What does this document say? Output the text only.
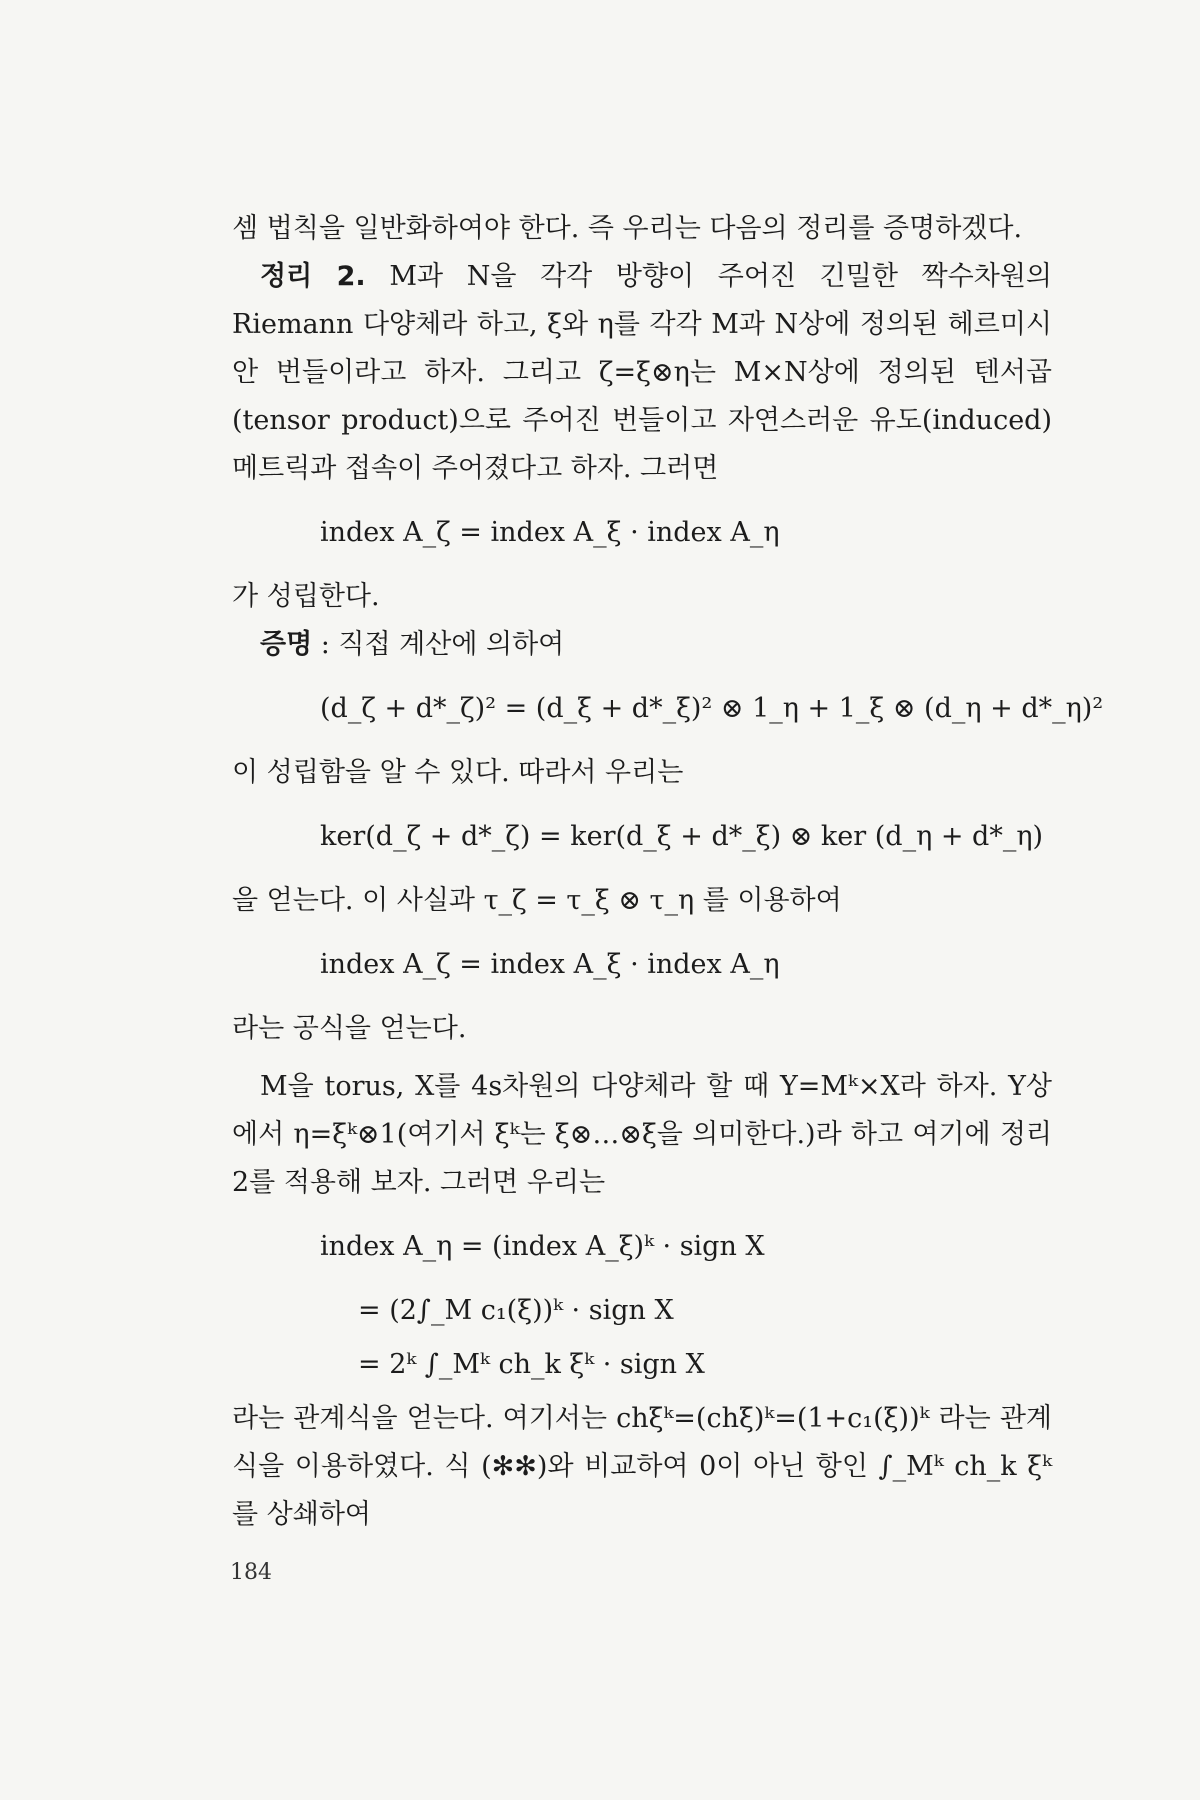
셈 법칙을 일반화하여야 한다. 즉 우리는 다음의 정리를 증명하겠다.

정리 2. M과 N을 각각 방향이 주어진 긴밀한 짝수차원의 Riemann 다양체라 하고, ξ와 η를 각각 M과 N상에 정의된 헤르미시안 번들이라고 하자. 그리고 ζ=ξ⊗η는 M×N상에 정의된 텐서곱(tensor product)으로 주어진 번들이고 자연스러운 유도(induced) 메트릭과 접속이 주어졌다고 하자. 그러면

index A_ζ = index A_ξ · index A_η

가 성립한다.

증명 : 직접 계산에 의하여

(d_ζ + d*_ζ)² = (d_ξ + d*_ξ)² ⊗ 1_η + 1_ξ ⊗ (d_η + d*_η)²

이 성립함을 알 수 있다. 따라서 우리는

ker(d_ζ + d*_ζ) = ker(d_ξ + d*_ξ) ⊗ ker (d_η + d*_η)

을 얻는다. 이 사실과 τ_ζ = τ_ξ ⊗ τ_η 를 이용하여

index A_ζ = index A_ξ · index A_η

라는 공식을 얻는다.

M을 torus, X를 4s차원의 다양체라 할 때 Y=Mᵏ×X라 하자. Y상에서 η=ξᵏ⊗1(여기서 ξᵏ는 ξ⊗…⊗ξ을 의미한다.)라 하고 여기에 정리 2를 적용해 보자. 그러면 우리는

index A_η = (index A_ξ)ᵏ · sign X
= (2∫_M c₁(ξ))ᵏ · sign X
= 2ᵏ ∫_Mᵏ ch_k ξᵏ · sign X

라는 관계식을 얻는다. 여기서는 chξᵏ=(chξ)ᵏ=(1+c₁(ξ))ᵏ 라는 관계식을 이용하였다. 식 (✻✻)와 비교하여 0이 아닌 항인 ∫_Mᵏ ch_k ξᵏ 를 상쇄하여

184
